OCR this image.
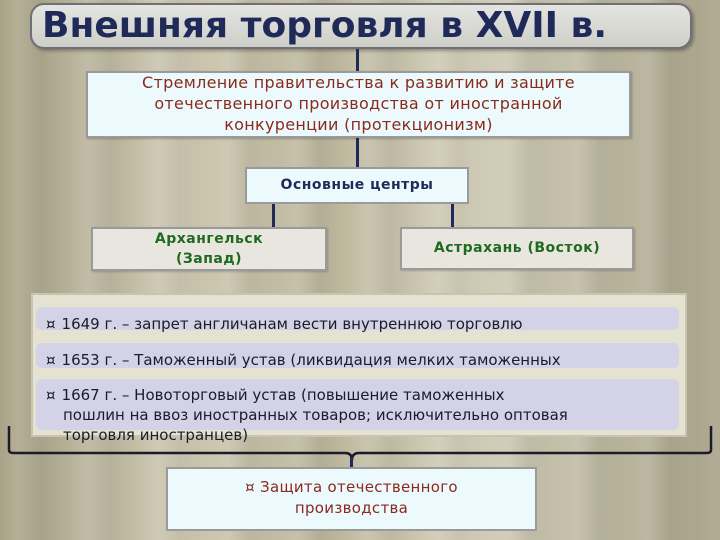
Внешняя торговля в XVII в.
Стремление правительства к развитию и защите
отечественного производства от иностранной
конкуренции (протекционизм)
Основные центры
Архангельск
(Запад)
Астрахань (Восток)
¤ 1649 г. – запрет англичанам вести внутреннюю торговлю
¤ 1653 г. – Таможенный устав (ликвидация мелких таможенных
¤ 1667 г. – Новоторговый устав (повышение таможенных
пошлин на ввоз иностранных товаров; исключительно оптовая
торговля иностранцев)
¤ Защита отечественного
производства
